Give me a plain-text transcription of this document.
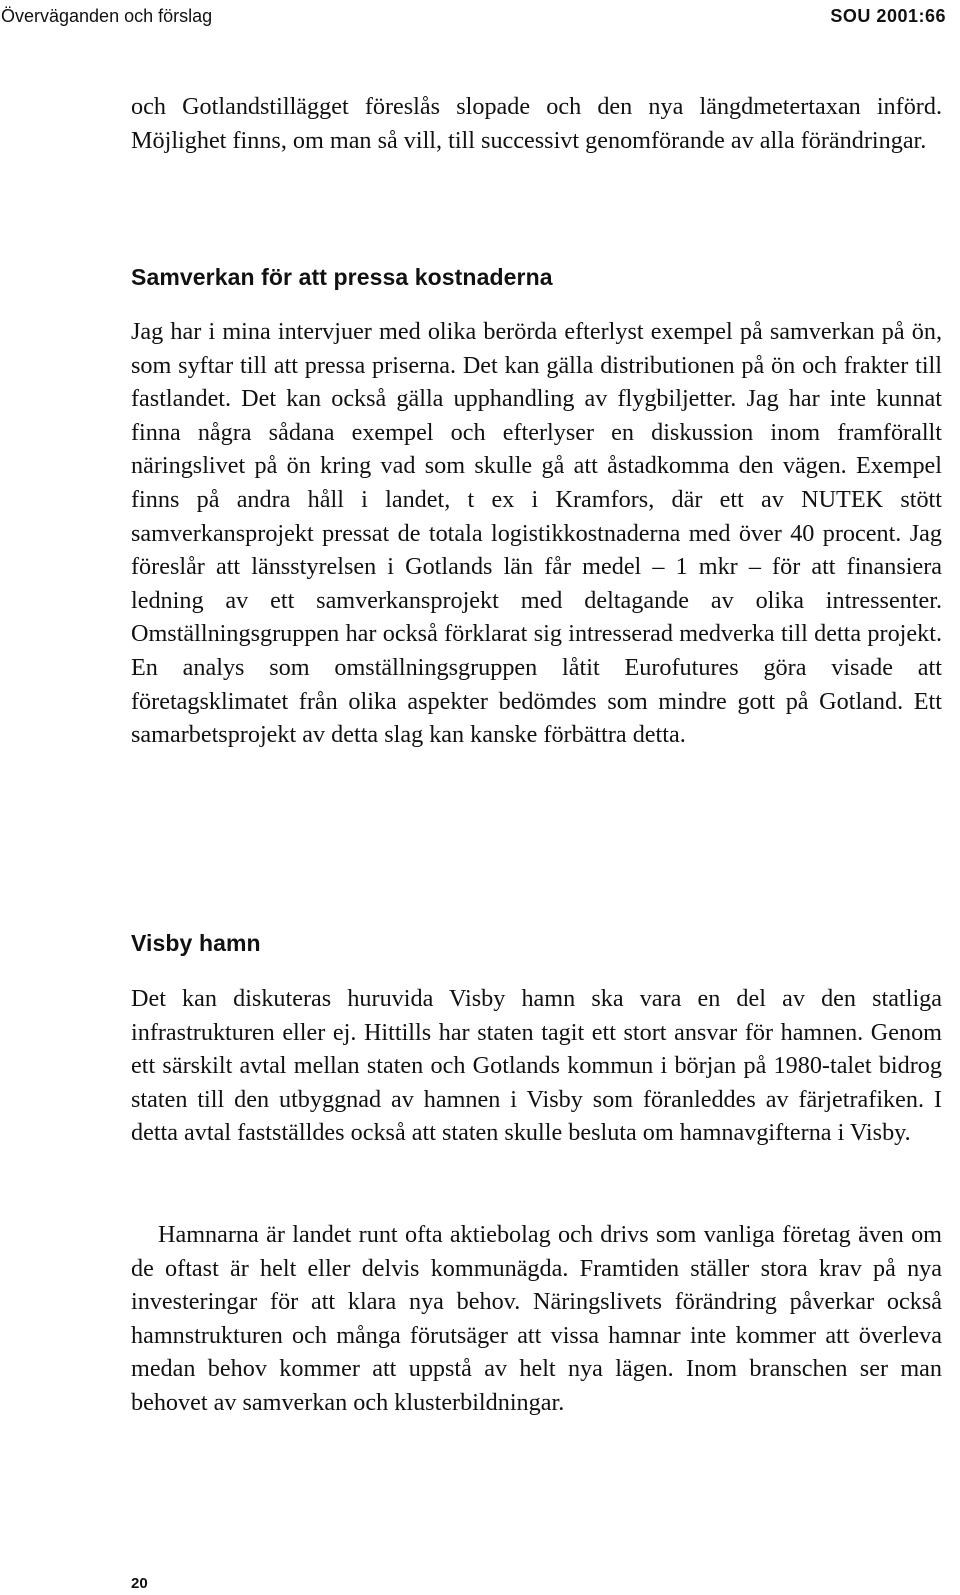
Överväganden och förslag	SOU 2001:66

och Gotlandstillägget föreslås slopade och den nya längdmetertaxan införd. Möjlighet finns, om man så vill, till successivt genomförande av alla förändringar.

Samverkan för att pressa kostnaderna

Jag har i mina intervjuer med olika berörda efterlyst exempel på samverkan på ön, som syftar till att pressa priserna. Det kan gälla distributionen på ön och frakter till fastlandet. Det kan också gälla upphandling av flygbiljetter. Jag har inte kunnat finna några sådana exempel och efterlyser en diskussion inom framförallt näringslivet på ön kring vad som skulle gå att åstadkomma den vägen. Exempel finns på andra håll i landet, t ex i Kramfors, där ett av NUTEK stött samverkansprojekt pressat de totala logistikkostnaderna med över 40 procent. Jag föreslår att länsstyrelsen i Gotlands län får medel – 1 mkr – för att finansiera ledning av ett samverkansprojekt med deltagande av olika intressenter. Omställningsgruppen har också förklarat sig intresserad medverka till detta projekt. En analys som omställningsgruppen låtit Eurofutures göra visade att företagsklimatet från olika aspekter bedömdes som mindre gott på Gotland. Ett samarbetsprojekt av detta slag kan kanske förbättra detta.

Visby hamn

Det kan diskuteras huruvida Visby hamn ska vara en del av den statliga infrastrukturen eller ej. Hittills har staten tagit ett stort ansvar för hamnen. Genom ett särskilt avtal mellan staten och Gotlands kommun i början på 1980-talet bidrog staten till den utbyggnad av hamnen i Visby som föranleddes av färjetrafiken. I detta avtal fastställdes också att staten skulle besluta om hamnavgifterna i Visby.

Hamnarna är landet runt ofta aktiebolag och drivs som vanliga företag även om de oftast är helt eller delvis kommunägda. Framtiden ställer stora krav på nya investeringar för att klara nya behov. Näringslivets förändring påverkar också hamnstrukturen och många förutsäger att vissa hamnar inte kommer att överleva medan behov kommer att uppstå av helt nya lägen. Inom branschen ser man behovet av samverkan och klusterbildningar.

20
